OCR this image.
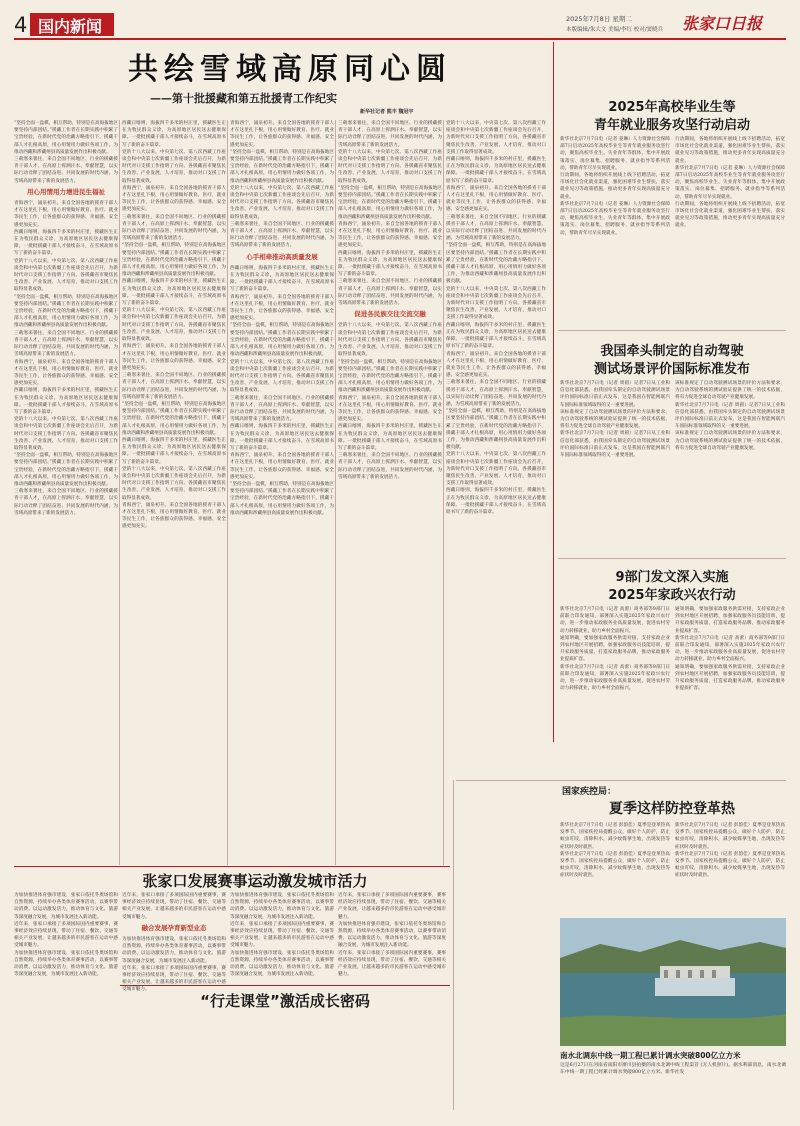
4 国内新闻	2025年7月8日 星期二
本版编辑/朱大文 美编/李红 校对/窦晓兵 张家口日报
共绘雪域高原同心圆
——第十批援藏和第五批援青工作纪实
新华社记者 熊丰 魏冠宇
“坚持全面一盘棋，相互帮助，特别是在高海拔地区要坚持内部团结。”援藏工作者在长期实践中积累了宝贵经验，在新时代党的治藏方略指引下，援藏干部人才扎根高原，用心用情用力做好各项工作，为推动西藏和涉藏州县高质量发展作出积极贡献。
三载寒来暑往，来自全国不同地区、行业的援藏援青干部人才，在高原上挥洒汗水、奉献智慧，以实际行动诠释了团结奋进、共同发展的时代内涵，为雪域高原带来了新的发展活力。
用心用情用力增进民生福祉
青海西宁，涌泉初升。来自全国各地的援青干部人才在这里扎下根，用心用情做好教育、医疗、就业等民生工作，让各族群众的获得感、幸福感、安全感更加充实。
西藏日喀则，海拔四千多米的村庄里，援藏医生正在为牧民群众义诊，为高原地区居民送去健康保障。一批批援藏干部人才接续奋斗，在雪域高原书写了新的奋斗篇章。
党的十八大以来，中央第七次、第八次西藏工作座谈会和中央第七次新疆工作座谈会先后召开，为新时代对口支援工作指明了方向。各援藏省市聚焦民生改善、产业发展、人才培育，推动对口支援工作取得显著成效。
“坚持全面一盘棋，相互帮助，特别是在高海拔地区要坚持内部团结。”援藏工作者在长期实践中积累了宝贵经验，在新时代党的治藏方略指引下，援藏干部人才扎根高原，用心用情用力做好各项工作，为推动西藏和涉藏州县高质量发展作出积极贡献。
三载寒来暑往，来自全国不同地区、行业的援藏援青干部人才，在高原上挥洒汗水、奉献智慧，以实际行动诠释了团结奋进、共同发展的时代内涵，为雪域高原带来了新的发展活力。
青海西宁，涌泉初升。来自全国各地的援青干部人才在这里扎下根，用心用情做好教育、医疗、就业等民生工作，让各族群众的获得感、幸福感、安全感更加充实。
西藏日喀则，海拔四千多米的村庄里，援藏医生正在为牧民群众义诊，为高原地区居民送去健康保障。一批批援藏干部人才接续奋斗，在雪域高原书写了新的奋斗篇章。
党的十八大以来，中央第七次、第八次西藏工作座谈会和中央第七次新疆工作座谈会先后召开，为新时代对口支援工作指明了方向。各援藏省市聚焦民生改善、产业发展、人才培育，推动对口支援工作取得显著成效。
“坚持全面一盘棋，相互帮助，特别是在高海拔地区要坚持内部团结。”援藏工作者在长期实践中积累了宝贵经验，在新时代党的治藏方略指引下，援藏干部人才扎根高原，用心用情用力做好各项工作，为推动西藏和涉藏州县高质量发展作出积极贡献。
三载寒来暑往，来自全国不同地区、行业的援藏援青干部人才，在高原上挥洒汗水、奉献智慧，以实际行动诠释了团结奋进、共同发展的时代内涵，为雪域高原带来了新的发展活力。
西藏日喀则，海拔四千多米的村庄里，援藏医生正在为牧民群众义诊，为高原地区居民送去健康保障。一批批援藏干部人才接续奋斗，在雪域高原书写了新的奋斗篇章。
党的十八大以来，中央第七次、第八次西藏工作座谈会和中央第七次新疆工作座谈会先后召开，为新时代对口支援工作指明了方向。各援藏省市聚焦民生改善、产业发展、人才培育，推动对口支援工作取得显著成效。
青海西宁，涌泉初升。来自全国各地的援青干部人才在这里扎下根，用心用情做好教育、医疗、就业等民生工作，让各族群众的获得感、幸福感、安全感更加充实。
三载寒来暑往，来自全国不同地区、行业的援藏援青干部人才，在高原上挥洒汗水、奉献智慧，以实际行动诠释了团结奋进、共同发展的时代内涵，为雪域高原带来了新的发展活力。
“坚持全面一盘棋，相互帮助，特别是在高海拔地区要坚持内部团结。”援藏工作者在长期实践中积累了宝贵经验，在新时代党的治藏方略指引下，援藏干部人才扎根高原，用心用情用力做好各项工作，为推动西藏和涉藏州县高质量发展作出积极贡献。
西藏日喀则，海拔四千多米的村庄里，援藏医生正在为牧民群众义诊，为高原地区居民送去健康保障。一批批援藏干部人才接续奋斗，在雪域高原书写了新的奋斗篇章。
党的十八大以来，中央第七次、第八次西藏工作座谈会和中央第七次新疆工作座谈会先后召开，为新时代对口支援工作指明了方向。各援藏省市聚焦民生改善、产业发展、人才培育，推动对口支援工作取得显著成效。
青海西宁，涌泉初升。来自全国各地的援青干部人才在这里扎下根，用心用情做好教育、医疗、就业等民生工作，让各族群众的获得感、幸福感、安全感更加充实。
三载寒来暑往，来自全国不同地区、行业的援藏援青干部人才，在高原上挥洒汗水、奉献智慧，以实际行动诠释了团结奋进、共同发展的时代内涵，为雪域高原带来了新的发展活力。
“坚持全面一盘棋，相互帮助，特别是在高海拔地区要坚持内部团结。”援藏工作者在长期实践中积累了宝贵经验，在新时代党的治藏方略指引下，援藏干部人才扎根高原，用心用情用力做好各项工作，为推动西藏和涉藏州县高质量发展作出积极贡献。
西藏日喀则，海拔四千多米的村庄里，援藏医生正在为牧民群众义诊，为高原地区居民送去健康保障。一批批援藏干部人才接续奋斗，在雪域高原书写了新的奋斗篇章。
党的十八大以来，中央第七次、第八次西藏工作座谈会和中央第七次新疆工作座谈会先后召开，为新时代对口支援工作指明了方向。各援藏省市聚焦民生改善、产业发展、人才培育，推动对口支援工作取得显著成效。
青海西宁，涌泉初升。来自全国各地的援青干部人才在这里扎下根，用心用情做好教育、医疗、就业等民生工作，让各族群众的获得感、幸福感、安全感更加充实。
青海西宁，涌泉初升。来自全国各地的援青干部人才在这里扎下根，用心用情做好教育、医疗、就业等民生工作，让各族群众的获得感、幸福感、安全感更加充实。
“坚持全面一盘棋，相互帮助，特别是在高海拔地区要坚持内部团结。”援藏工作者在长期实践中积累了宝贵经验，在新时代党的治藏方略指引下，援藏干部人才扎根高原，用心用情用力做好各项工作，为推动西藏和涉藏州县高质量发展作出积极贡献。
党的十八大以来，中央第七次、第八次西藏工作座谈会和中央第七次新疆工作座谈会先后召开，为新时代对口支援工作指明了方向。各援藏省市聚焦民生改善、产业发展、人才培育，推动对口支援工作取得显著成效。
三载寒来暑往，来自全国不同地区、行业的援藏援青干部人才，在高原上挥洒汗水、奉献智慧，以实际行动诠释了团结奋进、共同发展的时代内涵，为雪域高原带来了新的发展活力。
心手相牵推动高质量发展
西藏日喀则，海拔四千多米的村庄里，援藏医生正在为牧民群众义诊，为高原地区居民送去健康保障。一批批援藏干部人才接续奋斗，在雪域高原书写了新的奋斗篇章。
青海西宁，涌泉初升。来自全国各地的援青干部人才在这里扎下根，用心用情做好教育、医疗、就业等民生工作，让各族群众的获得感、幸福感、安全感更加充实。
“坚持全面一盘棋，相互帮助，特别是在高海拔地区要坚持内部团结。”援藏工作者在长期实践中积累了宝贵经验，在新时代党的治藏方略指引下，援藏干部人才扎根高原，用心用情用力做好各项工作，为推动西藏和涉藏州县高质量发展作出积极贡献。
党的十八大以来，中央第七次、第八次西藏工作座谈会和中央第七次新疆工作座谈会先后召开，为新时代对口支援工作指明了方向。各援藏省市聚焦民生改善、产业发展、人才培育，推动对口支援工作取得显著成效。
三载寒来暑往，来自全国不同地区、行业的援藏援青干部人才，在高原上挥洒汗水、奉献智慧，以实际行动诠释了团结奋进、共同发展的时代内涵，为雪域高原带来了新的发展活力。
西藏日喀则，海拔四千多米的村庄里，援藏医生正在为牧民群众义诊，为高原地区居民送去健康保障。一批批援藏干部人才接续奋斗，在雪域高原书写了新的奋斗篇章。
青海西宁，涌泉初升。来自全国各地的援青干部人才在这里扎下根，用心用情做好教育、医疗、就业等民生工作，让各族群众的获得感、幸福感、安全感更加充实。
“坚持全面一盘棋，相互帮助，特别是在高海拔地区要坚持内部团结。”援藏工作者在长期实践中积累了宝贵经验，在新时代党的治藏方略指引下，援藏干部人才扎根高原，用心用情用力做好各项工作，为推动西藏和涉藏州县高质量发展作出积极贡献。
三载寒来暑往，来自全国不同地区、行业的援藏援青干部人才，在高原上挥洒汗水、奉献智慧，以实际行动诠释了团结奋进、共同发展的时代内涵，为雪域高原带来了新的发展活力。
党的十八大以来，中央第七次、第八次西藏工作座谈会和中央第七次新疆工作座谈会先后召开，为新时代对口支援工作指明了方向。各援藏省市聚焦民生改善、产业发展、人才培育，推动对口支援工作取得显著成效。
“坚持全面一盘棋，相互帮助，特别是在高海拔地区要坚持内部团结。”援藏工作者在长期实践中积累了宝贵经验，在新时代党的治藏方略指引下，援藏干部人才扎根高原，用心用情用力做好各项工作，为推动西藏和涉藏州县高质量发展作出积极贡献。
青海西宁，涌泉初升。来自全国各地的援青干部人才在这里扎下根，用心用情做好教育、医疗、就业等民生工作，让各族群众的获得感、幸福感、安全感更加充实。
西藏日喀则，海拔四千多米的村庄里，援藏医生正在为牧民群众义诊，为高原地区居民送去健康保障。一批批援藏干部人才接续奋斗，在雪域高原书写了新的奋斗篇章。
三载寒来暑往，来自全国不同地区、行业的援藏援青干部人才，在高原上挥洒汗水、奉献智慧，以实际行动诠释了团结奋进、共同发展的时代内涵，为雪域高原带来了新的发展活力。
促进各民族交往交流交融
党的十八大以来，中央第七次、第八次西藏工作座谈会和中央第七次新疆工作座谈会先后召开，为新时代对口支援工作指明了方向。各援藏省市聚焦民生改善、产业发展、人才培育，推动对口支援工作取得显著成效。
“坚持全面一盘棋，相互帮助，特别是在高海拔地区要坚持内部团结。”援藏工作者在长期实践中积累了宝贵经验，在新时代党的治藏方略指引下，援藏干部人才扎根高原，用心用情用力做好各项工作，为推动西藏和涉藏州县高质量发展作出积极贡献。
青海西宁，涌泉初升。来自全国各地的援青干部人才在这里扎下根，用心用情做好教育、医疗、就业等民生工作，让各族群众的获得感、幸福感、安全感更加充实。
西藏日喀则，海拔四千多米的村庄里，援藏医生正在为牧民群众义诊，为高原地区居民送去健康保障。一批批援藏干部人才接续奋斗，在雪域高原书写了新的奋斗篇章。
三载寒来暑往，来自全国不同地区、行业的援藏援青干部人才，在高原上挥洒汗水、奉献智慧，以实际行动诠释了团结奋进、共同发展的时代内涵，为雪域高原带来了新的发展活力。
党的十八大以来，中央第七次、第八次西藏工作座谈会和中央第七次新疆工作座谈会先后召开，为新时代对口支援工作指明了方向。各援藏省市聚焦民生改善、产业发展、人才培育，推动对口支援工作取得显著成效。
西藏日喀则，海拔四千多米的村庄里，援藏医生正在为牧民群众义诊，为高原地区居民送去健康保障。一批批援藏干部人才接续奋斗，在雪域高原书写了新的奋斗篇章。
青海西宁，涌泉初升。来自全国各地的援青干部人才在这里扎下根，用心用情做好教育、医疗、就业等民生工作，让各族群众的获得感、幸福感、安全感更加充实。
三载寒来暑往，来自全国不同地区、行业的援藏援青干部人才，在高原上挥洒汗水、奉献智慧，以实际行动诠释了团结奋进、共同发展的时代内涵，为雪域高原带来了新的发展活力。
“坚持全面一盘棋，相互帮助，特别是在高海拔地区要坚持内部团结。”援藏工作者在长期实践中积累了宝贵经验，在新时代党的治藏方略指引下，援藏干部人才扎根高原，用心用情用力做好各项工作，为推动西藏和涉藏州县高质量发展作出积极贡献。
党的十八大以来，中央第七次、第八次西藏工作座谈会和中央第七次新疆工作座谈会先后召开，为新时代对口支援工作指明了方向。各援藏省市聚焦民生改善、产业发展、人才培育，推动对口支援工作取得显著成效。
西藏日喀则，海拔四千多米的村庄里，援藏医生正在为牧民群众义诊，为高原地区居民送去健康保障。一批批援藏干部人才接续奋斗，在雪域高原书写了新的奋斗篇章。
青海西宁，涌泉初升。来自全国各地的援青干部人才在这里扎下根，用心用情做好教育、医疗、就业等民生工作，让各族群众的获得感、幸福感、安全感更加充实。
三载寒来暑往，来自全国不同地区、行业的援藏援青干部人才，在高原上挥洒汗水、奉献智慧，以实际行动诠释了团结奋进、共同发展的时代内涵，为雪域高原带来了新的发展活力。
“坚持全面一盘棋，相互帮助，特别是在高海拔地区要坚持内部团结。”援藏工作者在长期实践中积累了宝贵经验，在新时代党的治藏方略指引下，援藏干部人才扎根高原，用心用情用力做好各项工作，为推动西藏和涉藏州县高质量发展作出积极贡献。
党的十八大以来，中央第七次、第八次西藏工作座谈会和中央第七次新疆工作座谈会先后召开，为新时代对口支援工作指明了方向。各援藏省市聚焦民生改善、产业发展、人才培育，推动对口支援工作取得显著成效。
西藏日喀则，海拔四千多米的村庄里，援藏医生正在为牧民群众义诊，为高原地区居民送去健康保障。一批批援藏干部人才接续奋斗，在雪域高原书写了新的奋斗篇章。
2025年高校毕业生等
青年就业服务攻坚行动启动
新华社北京7月7日电（记者 姜琳）人力资源社会保障部7日启动2025年高校毕业生等青年就业服务攻坚行动，聚焦高校毕业生、失业青年等群体，集中开展政策落实、岗位募集、招聘服务、就业指导等系列活动，帮助青年尽早实现就业。
行动期间，各地将组织开展线上线下招聘活动，拓宽市场化社会化就业渠道，强化困难毕业生帮扶，落实就业见习等政策措施，推动更多青年实现高质量充分就业。
新华社北京7月7日电（记者 姜琳）人力资源社会保障部7日启动2025年高校毕业生等青年就业服务攻坚行动，聚焦高校毕业生、失业青年等群体，集中开展政策落实、岗位募集、招聘服务、就业指导等系列活动，帮助青年尽早实现就业。
行动期间，各地将组织开展线上线下招聘活动，拓宽市场化社会化就业渠道，强化困难毕业生帮扶，落实就业见习等政策措施，推动更多青年实现高质量充分就业。
新华社北京7月7日电（记者 姜琳）人力资源社会保障部7日启动2025年高校毕业生等青年就业服务攻坚行动，聚焦高校毕业生、失业青年等群体，集中开展政策落实、岗位募集、招聘服务、就业指导等系列活动，帮助青年尽早实现就业。
行动期间，各地将组织开展线上线下招聘活动，拓宽市场化社会化就业渠道，强化困难毕业生帮扶，落实就业见习等政策措施，推动更多青年实现高质量充分就业。
我国牵头制定的自动驾驶
测试场景评价国际标准发布
新华社北京7月7日电（记者 周圆）记者7日从工业和信息化部获悉，由我国牵头制定的自动驾驶测试场景评价国际标准日前正式发布，这是我国在智能网联汽车国际标准领域取得的又一重要进展。
该标准规定了自动驾驶测试场景的评价方法和要求，为自动驾驶系统的测试验证提供了统一的技术依据，将有力促进全球自动驾驶产业健康发展。
新华社北京7月7日电（记者 周圆）记者7日从工业和信息化部获悉，由我国牵头制定的自动驾驶测试场景评价国际标准日前正式发布，这是我国在智能网联汽车国际标准领域取得的又一重要进展。
该标准规定了自动驾驶测试场景的评价方法和要求，为自动驾驶系统的测试验证提供了统一的技术依据，将有力促进全球自动驾驶产业健康发展。
新华社北京7月7日电（记者 周圆）记者7日从工业和信息化部获悉，由我国牵头制定的自动驾驶测试场景评价国际标准日前正式发布，这是我国在智能网联汽车国际标准领域取得的又一重要进展。
该标准规定了自动驾驶测试场景的评价方法和要求，为自动驾驶系统的测试验证提供了统一的技术依据，将有力促进全球自动驾驶产业健康发展。
9部门发文深入实施
2025年家政兴农行动
新华社北京7月7日电（记者 高蕾）商务部等9部门日前联合印发通知，部署深入实施2025年家政兴农行动，进一步推动家政服务业高质量发展，促进农村劳动力转移就业，助力乡村全面振兴。
通知明确，要加强家政服务供需对接，支持家政企业到农村地区开展招聘，加强家政服务员技能培训，提升家政服务质量，打造家政服务品牌，推动家政服务业提质扩容。
新华社北京7月7日电（记者 高蕾）商务部等9部门日前联合印发通知，部署深入实施2025年家政兴农行动，进一步推动家政服务业高质量发展，促进农村劳动力转移就业，助力乡村全面振兴。
通知明确，要加强家政服务供需对接，支持家政企业到农村地区开展招聘，加强家政服务员技能培训，提升家政服务质量，打造家政服务品牌，推动家政服务业提质扩容。
新华社北京7月7日电（记者 高蕾）商务部等9部门日前联合印发通知，部署深入实施2025年家政兴农行动，进一步推动家政服务业高质量发展，促进农村劳动力转移就业，助力乡村全面振兴。
通知明确，要加强家政服务供需对接，支持家政企业到农村地区开展招聘，加强家政服务员技能培训，提升家政服务质量，打造家政服务品牌，推动家政服务业提质扩容。
国家疾控局：
夏季这样防控登革热
新华社北京7月7日电（记者 彭韵佳）夏季是登革热高发季节。国家疾控局提醒公众，做好个人防护，防止蚊虫叮咬，清除积水，减少蚊媒孳生地，出现发热等症状时及时就医。
新华社北京7月7日电（记者 彭韵佳）夏季是登革热高发季节。国家疾控局提醒公众，做好个人防护，防止蚊虫叮咬，清除积水，减少蚊媒孳生地，出现发热等症状时及时就医。
新华社北京7月7日电（记者 彭韵佳）夏季是登革热高发季节。国家疾控局提醒公众，做好个人防护，防止蚊虫叮咬，清除积水，减少蚊媒孳生地，出现发热等症状时及时就医。
新华社北京7月7日电（记者 彭韵佳）夏季是登革热高发季节。国家疾控局提醒公众，做好个人防护，防止蚊虫叮咬，清除积水，减少蚊媒孳生地，出现发热等症状时及时就医。
南水北调东中线一期工程已累计调水突破800亿立方米
这是6月27日在河南省南阳市淅川县拍摄的南水北调中线工程渠首 (无人机照片)。据水利部消息，南水北调东中线一期工程已经累计调水突破800亿立方米。新华社发
张家口发展赛事运动激发城市活力
为加快推进体育强市建设，张家口依托冬奥场馆和自然资源，持续举办各类体育赛事活动，以赛事带动消费、以运动激发活力，推动体育与文化、旅游等深度融合发展，为城市发展注入新动能。
近年来，张家口承接了多项国际国内重要赛事，赛事经济效应持续显现，带动了住宿、餐饮、交通等相关产业发展，让越来越多的市民游客在运动中感受城市魅力。
为加快推进体育强市建设，张家口依托冬奥场馆和自然资源，持续举办各类体育赛事活动，以赛事带动消费、以运动激发活力，推动体育与文化、旅游等深度融合发展，为城市发展注入新动能。
近年来，张家口承接了多项国际国内重要赛事，赛事经济效应持续显现，带动了住宿、餐饮、交通等相关产业发展，让越来越多的市民游客在运动中感受城市魅力。
融合发展孕育新型业态
为加快推进体育强市建设，张家口依托冬奥场馆和自然资源，持续举办各类体育赛事活动，以赛事带动消费、以运动激发活力，推动体育与文化、旅游等深度融合发展，为城市发展注入新动能。
近年来，张家口承接了多项国际国内重要赛事，赛事经济效应持续显现，带动了住宿、餐饮、交通等相关产业发展，让越来越多的市民游客在运动中感受城市魅力。
为加快推进体育强市建设，张家口依托冬奥场馆和自然资源，持续举办各类体育赛事活动，以赛事带动消费、以运动激发活力，推动体育与文化、旅游等深度融合发展，为城市发展注入新动能。
近年来，张家口承接了多项国际国内重要赛事，赛事经济效应持续显现，带动了住宿、餐饮、交通等相关产业发展，让越来越多的市民游客在运动中感受城市魅力。
为加快推进体育强市建设，张家口依托冬奥场馆和自然资源，持续举办各类体育赛事活动，以赛事带动消费、以运动激发活力，推动体育与文化、旅游等深度融合发展，为城市发展注入新动能。
近年来，张家口承接了多项国际国内重要赛事，赛事经济效应持续显现，带动了住宿、餐饮、交通等相关产业发展，让越来越多的市民游客在运动中感受城市魅力。
为加快推进体育强市建设，张家口依托冬奥场馆和自然资源，持续举办各类体育赛事活动，以赛事带动消费、以运动激发活力，推动体育与文化、旅游等深度融合发展，为城市发展注入新动能。
近年来，张家口承接了多项国际国内重要赛事，赛事经济效应持续显现，带动了住宿、餐饮、交通等相关产业发展，让越来越多的市民游客在运动中感受城市魅力。
“行走课堂”激活成长密码
